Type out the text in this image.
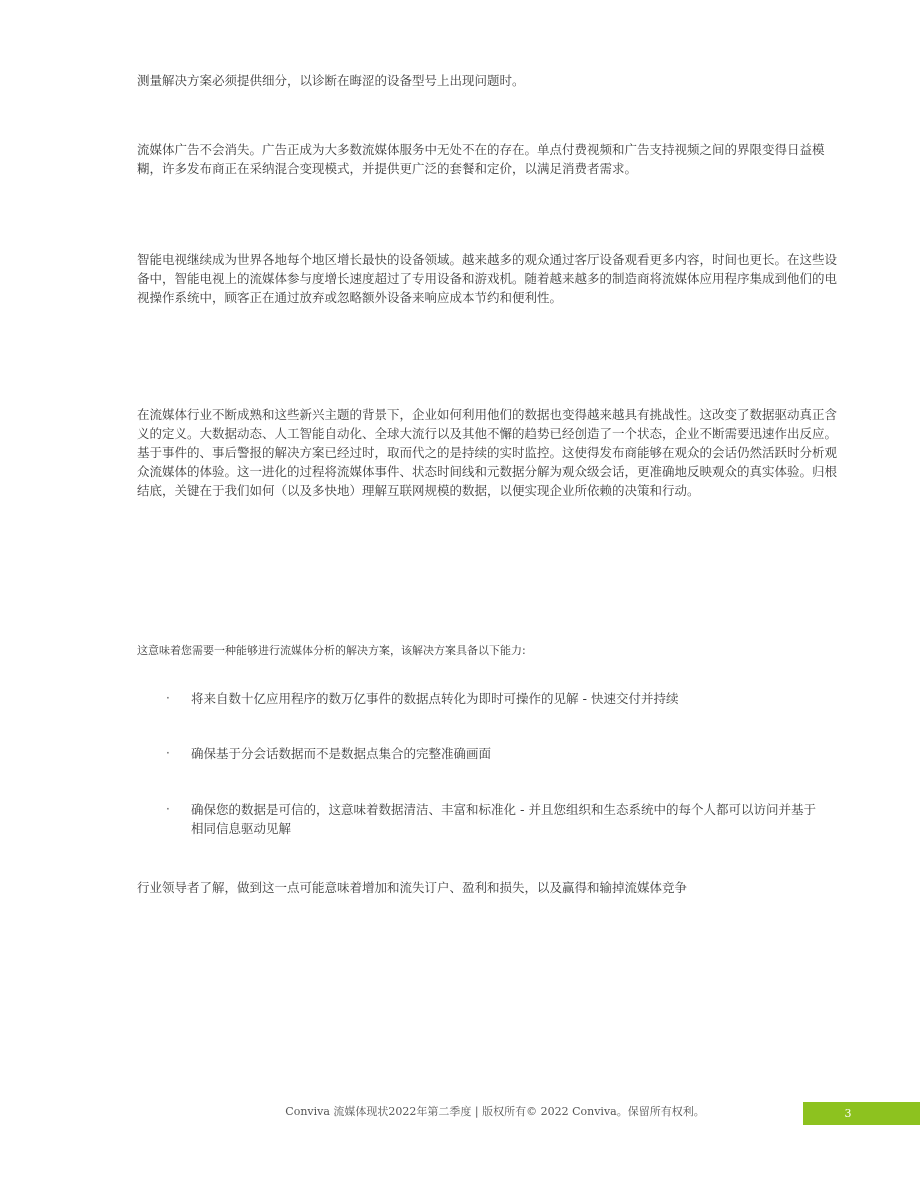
测量解决方案必须提供细分，以诊断在晦涩的设备型号上出现问题时。

流媒体广告不会消失。广告正成为大多数流媒体服务中无处不在的存在。单点付费视频和广告支持视频之间的界限变得日益模糊，许多发布商正在采纳混合变现模式，并提供更广泛的套餐和定价，以满足消费者需求。

智能电视继续成为世界各地每个地区增长最快的设备领域。越来越多的观众通过客厅设备观看更多内容，时间也更长。在这些设备中，智能电视上的流媒体参与度增长速度超过了专用设备和游戏机。随着越来越多的制造商将流媒体应用程序集成到他们的电视操作系统中，顾客正在通过放弃或忽略额外设备来响应成本节约和便利性。

在流媒体行业不断成熟和这些新兴主题的背景下，企业如何利用他们的数据也变得越来越具有挑战性。这改变了数据驱动真正含义的定义。大数据动态、人工智能自动化、全球大流行以及其他不懈的趋势已经创造了一个状态，企业不断需要迅速作出反应。基于事件的、事后警报的解决方案已经过时，取而代之的是持续的实时监控。这使得发布商能够在观众的会话仍然活跃时分析观众流媒体的体验。这一进化的过程将流媒体事件、状态时间线和元数据分解为观众级会话，更准确地反映观众的真实体验。归根结底，关键在于我们如何（以及多快地）理解互联网规模的数据，以便实现企业所依赖的决策和行动。

这意味着您需要一种能够进行流媒体分析的解决方案，该解决方案具备以下能力:

· 将来自数十亿应用程序的数万亿事件的数据点转化为即时可操作的见解 - 快速交付并持续
· 确保基于分会话数据而不是数据点集合的完整准确画面
· 确保您的数据是可信的，这意味着数据清洁、丰富和标准化 - 并且您组织和生态系统中的每个人都可以访问并基于相同信息驱动见解

行业领导者了解，做到这一点可能意味着增加和流失订户、盈利和损失，以及赢得和输掉流媒体竞争

Conviva 流媒体现状2022年第二季度 | 版权所有© 2022 Conviva。保留所有权利。	3
